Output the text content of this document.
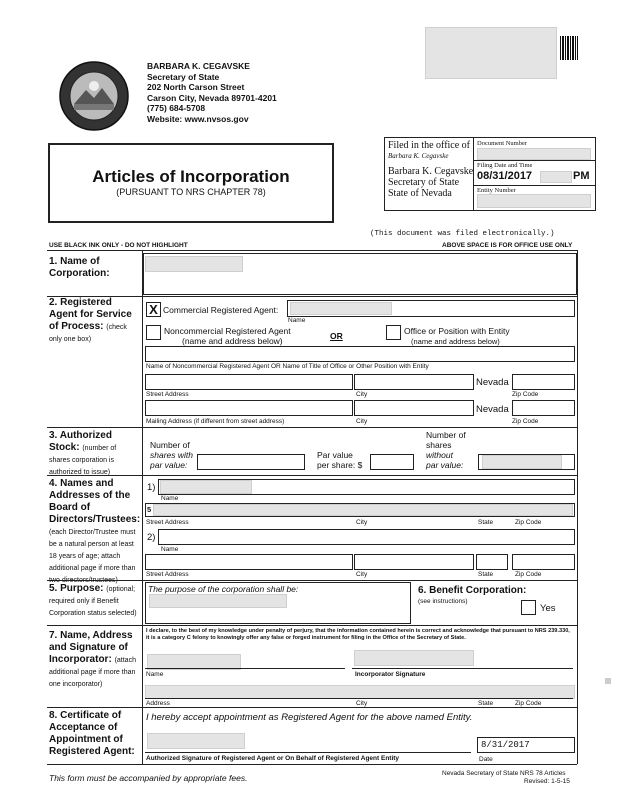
BARBARA K. CEGAVSKE
Secretary of State
202 North Carson Street
Carson City, Nevada 89701-4201
(775) 684-5708
Website: www.nvsos.gov
Articles of Incorporation
(PURSUANT TO NRS CHAPTER 78)
Filed in the office of
Barbara K. Cegavske
Barbara K. Cegavske
Secretary of State
State of Nevada
Document Number
Filing Date and Time
08/31/2017	PM
Entity Number
(This document was filed electronically.)
USE BLACK INK ONLY - DO NOT HIGHLIGHT	ABOVE SPACE IS FOR OFFICE USE ONLY
1. Name of Corporation:
2. Registered Agent for Service of Process: (check only one box)
X Commercial Registered Agent:
Name
Noncommercial Registered Agent
(name and address below)	OR	Office or Position with Entity
(name and address below)
Name of Noncommercial Registered Agent OR Name of Title of Office or Other Position with Entity
Nevada
Street Address	City	Zip Code
Nevada
Mailing Address (if different from street address)	City	Zip Code
3. Authorized Stock: (number of shares corporation is authorized to issue)
Number of
shares with
par value:
Par value
per share: $
Number of
shares
without
par value:
4. Names and Addresses of the Board of Directors/Trustees: (each Director/Trustee must be a natural person at least 18 years of age; attach additional page if more than two directors/trustees)
1)
Name
5
Street Address	City	State	Zip Code
2)
Name
Street Address	City	State	Zip Code
5. Purpose: (optional; required only if Benefit Corporation status selected)
The purpose of the corporation shall be:	6. Benefit Corporation:
(see instructions)
Yes
7. Name, Address and Signature of Incorporator: (attach additional page if more than one incorporator)
I declare, to the best of my knowledge under penalty of perjury, that the information contained herein is correct and acknowledge that pursuant to NRS 239.330, it is a category C felony to knowingly offer any false or forged instrument for filing in the Office of the Secretary of State.
Name	Incorporator Signature
Address	City	State	Zip Code
8. Certificate of Acceptance of Appointment of Registered Agent:
I hereby accept appointment as Registered Agent for the above named Entity.
Authorized Signature of Registered Agent or On Behalf of Registered Agent Entity
8/31/2017
Date
This form must be accompanied by appropriate fees.	Nevada Secretary of State NRS 78 Articles
Revised: 1-5-15
